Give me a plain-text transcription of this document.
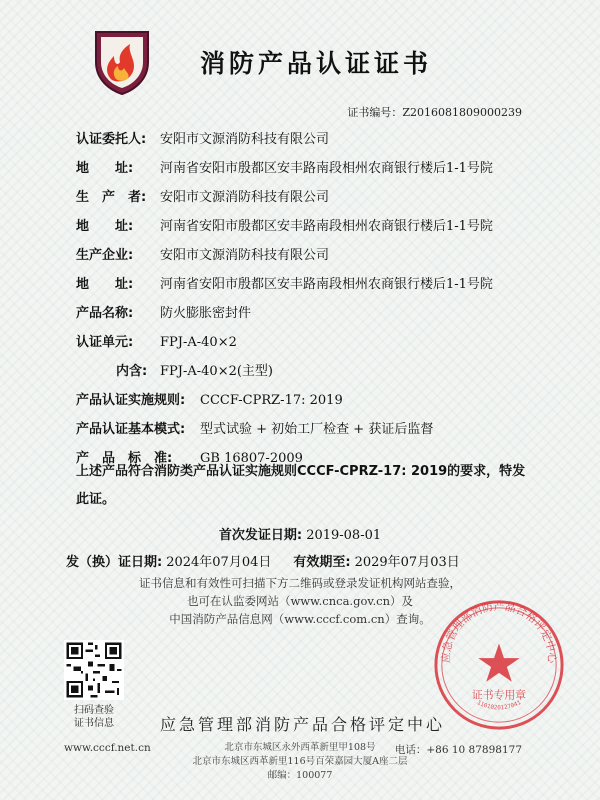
消防产品认证证书
证书编号：Z2016081809000239
认证委托人:	安阳市文源消防科技有限公司
地　　址:	河南省安阳市殷都区安丰路南段相州农商银行楼后1-1号院
生　产　者:	安阳市文源消防科技有限公司
地　　址:	河南省安阳市殷都区安丰路南段相州农商银行楼后1-1号院
生产企业:	安阳市文源消防科技有限公司
地　　址:	河南省安阳市殷都区安丰路南段相州农商银行楼后1-1号院
产品名称:	防火膨胀密封件
认证单元:	FPJ-A-40×2
内含: FPJ-A-40×2(主型)
产品认证实施规则:	CCCF-CPRZ-17: 2019
产品认证基本模式:	型式试验 + 初始工厂检查 + 获证后监督
产　品　标　准:	GB 16807-2009
上述产品符合消防类产品认证实施规则CCCF-CPRZ-17: 2019的要求，特发此证。
首次发证日期: 2019-08-01
发（换）证日期: 2024年07月04日 有效期至: 2029年07月03日
证书信息和有效性可扫描下方二维码或登录发证机构网站查验，
也可在认监委网站（www.cnca.gov.cn）及
中国消防产品信息网（www.cccf.com.cn）查询。
扫码查验
证书信息	应急管理部消防产品合格评定中心
应急管理部消防产品合格评定中心
证书专用章
1101020127041
www.cccf.net.cn	电话：+86 10 87898177
北京市东城区永外西革新里甲108号
北京市东城区西革新里116号百荣嘉园大厦A座二层
邮编：100077
